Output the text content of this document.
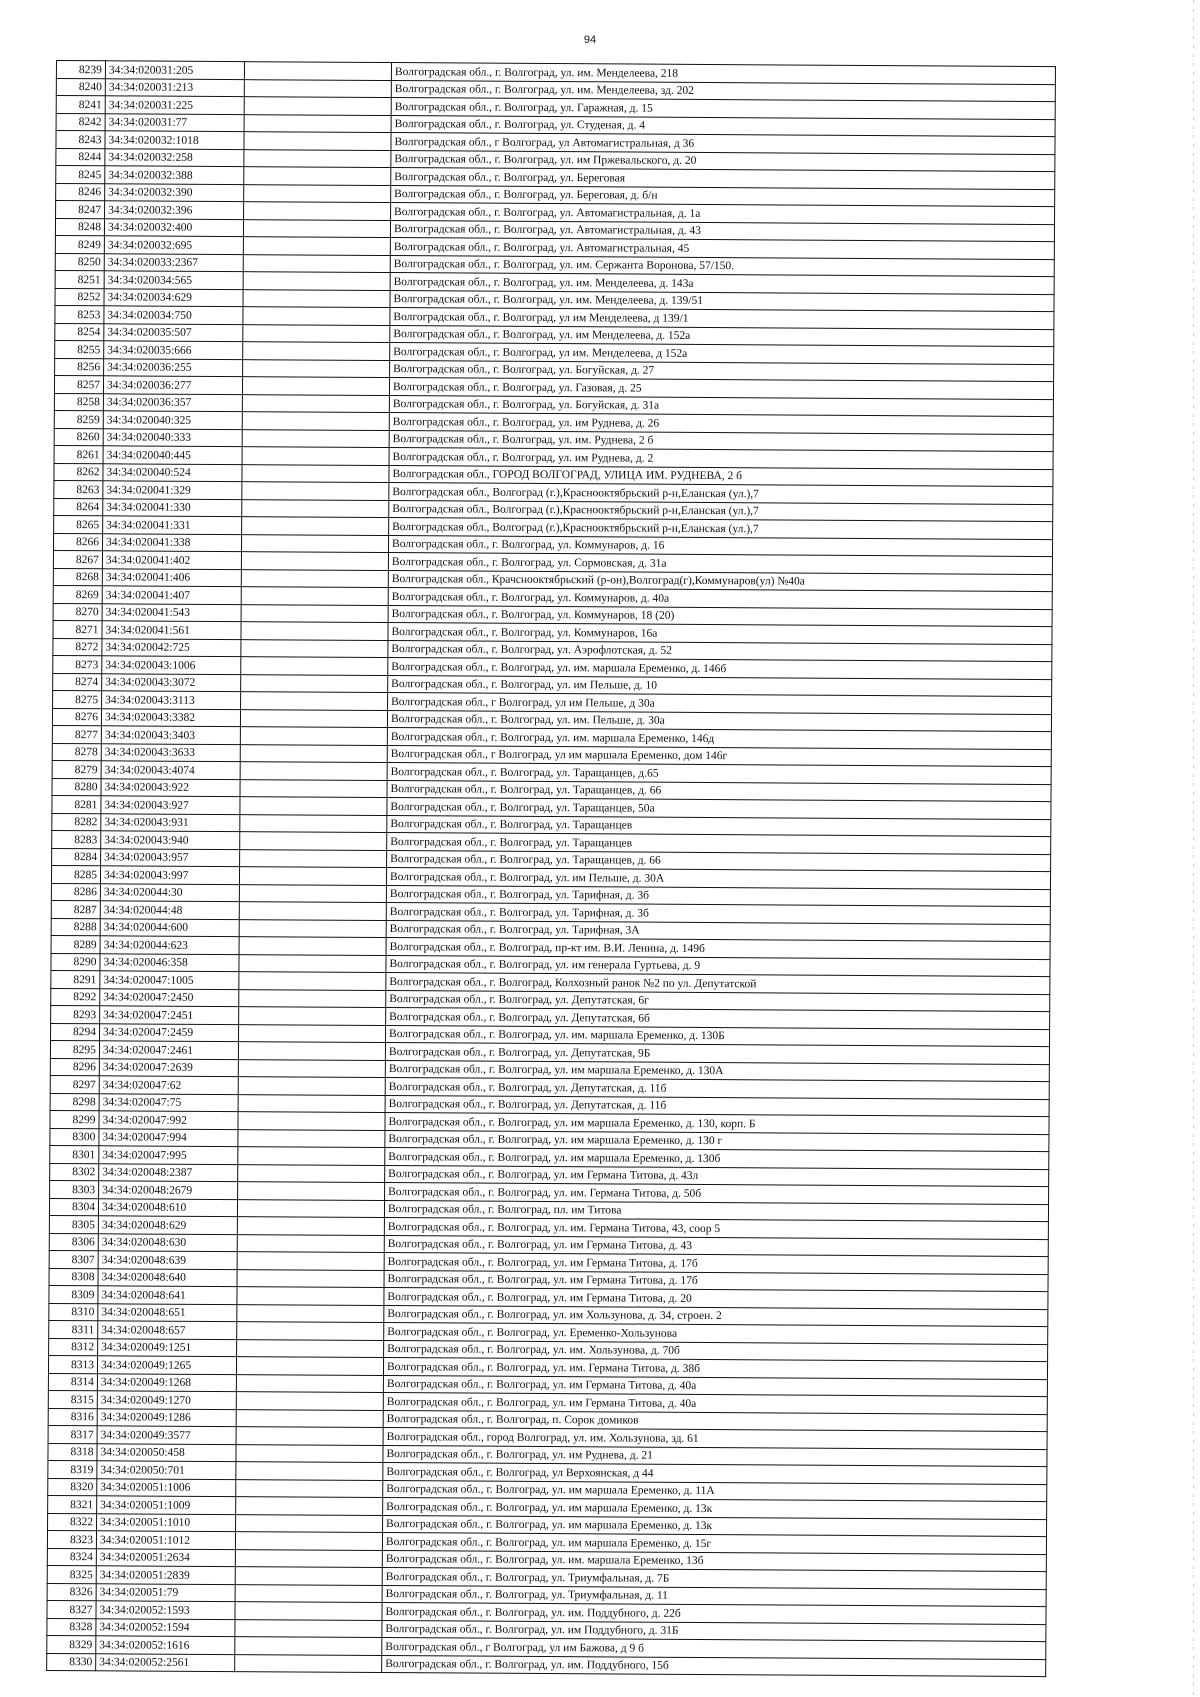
94
8239	34:34:020031:205		Волгоградская обл., г. Волгоград, ул. им. Менделеева, 218
8240	34:34:020031:213		Волгоградская обл., г. Волгоград, ул. им. Менделеева, зд. 202
8241	34:34:020031:225		Волгоградская обл., г. Волгоград, ул. Гаражная, д. 15
8242	34:34:020031:77		Волгоградская обл., г. Волгоград, ул. Студеная, д. 4
8243	34:34:020032:1018		Волгоградская обл., г Волгоград, ул Автомагистральная, д 36
8244	34:34:020032:258		Волгоградская обл., г. Волгоград, ул. им Пржевальского, д. 20
8245	34:34:020032:388		Волгоградская обл., г. Волгоград, ул. Береговая
8246	34:34:020032:390		Волгоградская обл., г. Волгоград, ул. Береговая, д. б/н
8247	34:34:020032:396		Волгоградская обл., г. Волгоград, ул. Автомагистральная, д. 1а
8248	34:34:020032:400		Волгоградская обл., г. Волгоград, ул. Автомагистральная, д. 43
8249	34:34:020032:695		Волгоградская обл., г. Волгоград, ул. Автомагистральная, 45
8250	34:34:020033:2367		Волгоградская обл., г. Волгоград, ул. им. Сержанта Воронова, 57/150.
8251	34:34:020034:565		Волгоградская обл., г. Волгоград, ул. им. Менделеева, д. 143а
8252	34:34:020034:629		Волгоградская обл., г. Волгоград, ул. им. Менделеева, д. 139/51
8253	34:34:020034:750		Волгоградская обл., г. Волгоград, ул им Менделеева, д 139/1
8254	34:34:020035:507		Волгоградская обл., г. Волгоград, ул. им Менделеева, д. 152а
8255	34:34:020035:666		Волгоградская обл., г. Волгоград, ул им. Менделеева, д 152а
8256	34:34:020036:255		Волгоградская обл., г. Волгоград, ул. Богуйская, д. 27
8257	34:34:020036:277		Волгоградская обл., г. Волгоград, ул. Газовая, д. 25
8258	34:34:020036:357		Волгоградская обл., г. Волгоград, ул. Богуйская, д. 31а
8259	34:34:020040:325		Волгоградская обл., г. Волгоград, ул. им Руднева, д. 26
8260	34:34:020040:333		Волгоградская обл., г. Волгоград, ул. им. Руднева, 2 б
8261	34:34:020040:445		Волгоградская обл., г. Волгоград, ул. им Руднева, д. 2
8262	34:34:020040:524		Волгоградская обл., ГОРОД ВОЛГОГРАД, УЛИЦА ИМ. РУДНЕВА, 2 б
8263	34:34:020041:329		Волгоградская обл., Волгоград (г.),Краснооктябрьский р-н,Еланская (ул.),7
8264	34:34:020041:330		Волгоградская обл., Волгоград (г.),Краснооктябрьский р-н,Еланская (ул.),7
8265	34:34:020041:331		Волгоградская обл., Волгоград (г.),Краснооктябрьский р-н,Еланская (ул.),7
8266	34:34:020041:338		Волгоградская обл., г. Волгоград, ул. Коммунаров, д. 16
8267	34:34:020041:402		Волгоградская обл., г. Волгоград, ул. Сормовская, д. 31а
8268	34:34:020041:406		Волгоградская обл., Крачснооктябрьский (р-он),Волгоград(г),Коммунаров(ул) №40а
8269	34:34:020041:407		Волгоградская обл., г. Волгоград, ул. Коммунаров, д. 40а
8270	34:34:020041:543		Волгоградская обл., г. Волгоград, ул. Коммунаров, 18 (20)
8271	34:34:020041:561		Волгоградская обл., г. Волгоград, ул. Коммунаров, 16а
8272	34:34:020042:725		Волгоградская обл., г. Волгоград, ул. Аэрофлотская, д. 52
8273	34:34:020043:1006		Волгоградская обл., г. Волгоград, ул. им. маршала Еременко, д. 146б
8274	34:34:020043:3072		Волгоградская обл., г. Волгоград, ул. им Пельше, д. 10
8275	34:34:020043:3113		Волгоградская обл., г Волгоград, ул им Пельше, д 30а
8276	34:34:020043:3382		Волгоградская обл., г. Волгоград, ул. им. Пельше, д. 30а
8277	34:34:020043:3403		Волгоградская обл., г. Волгоград, ул. им. маршала Еременко, 146д
8278	34:34:020043:3633		Волгоградская обл., г Волгоград, ул им маршала Еременко, дом 146г
8279	34:34:020043:4074		Волгоградская обл., г. Волгоград, ул. Таращанцев, д.65
8280	34:34:020043:922		Волгоградская обл., г. Волгоград, ул. Таращанцев, д. 66
8281	34:34:020043:927		Волгоградская обл., г. Волгоград, ул. Таращанцев, 50а
8282	34:34:020043:931		Волгоградская обл., г. Волгоград, ул. Таращанцев
8283	34:34:020043:940		Волгоградская обл., г. Волгоград, ул. Таращанцев
8284	34:34:020043:957		Волгоградская обл., г. Волгоград, ул. Таращанцев, д. 66
8285	34:34:020043:997		Волгоградская обл., г. Волгоград, ул. им Пельше, д. 30А
8286	34:34:020044:30		Волгоградская обл., г. Волгоград, ул. Тарифная, д. 3б
8287	34:34:020044:48		Волгоградская обл., г. Волгоград, ул. Тарифная, д. 3б
8288	34:34:020044:600		Волгоградская обл., г. Волгоград, ул. Тарифная, 3А
8289	34:34:020044:623		Волгоградская обл., г. Волгоград, пр-кт им. В.И. Ленина, д. 149б
8290	34:34:020046:358		Волгоградская обл., г. Волгоград, ул. им генерала Гуртьева, д. 9
8291	34:34:020047:1005		Волгоградская обл., г. Волгоград, Колхозный ранок №2 по ул. Депутатской
8292	34:34:020047:2450		Волгоградская обл., г. Волгоград, ул. Депутатская, 6г
8293	34:34:020047:2451		Волгоградская обл., г. Волгоград, ул. Депутатская, 6б
8294	34:34:020047:2459		Волгоградская обл., г. Волгоград, ул. им. маршала Еременко, д. 130Б
8295	34:34:020047:2461		Волгоградская обл., г. Волгоград, ул. Депутатская, 9Б
8296	34:34:020047:2639		Волгоградская обл., г. Волгоград, ул. им маршала Еременко, д. 130А
8297	34:34:020047:62		Волгоградская обл., г. Волгоград, ул. Депутатская, д. 11б
8298	34:34:020047:75		Волгоградская обл., г. Волгоград, ул. Депутатская, д. 11б
8299	34:34:020047:992		Волгоградская обл., г. Волгоград, ул. им маршала Еременко, д. 130, корп. Б
8300	34:34:020047:994		Волгоградская обл., г. Волгоград, ул. им маршала Еременко, д. 130 г
8301	34:34:020047:995		Волгоградская обл., г. Волгоград, ул. им маршала Еременко, д. 130б
8302	34:34:020048:2387		Волгоградская обл., г. Волгоград, ул. им Германа Титова, д. 43л
8303	34:34:020048:2679		Волгоградская обл., г. Волгоград, ул. им. Германа Титова, д. 50б
8304	34:34:020048:610		Волгоградская обл., г. Волгоград, пл. им Титова
8305	34:34:020048:629		Волгоградская обл., г. Волгоград, ул. им. Германа Титова, 43, соор 5
8306	34:34:020048:630		Волгоградская обл., г. Волгоград, ул. им Германа Титова, д. 43
8307	34:34:020048:639		Волгоградская обл., г. Волгоград, ул. им Германа Титова, д. 17б
8308	34:34:020048:640		Волгоградская обл., г. Волгоград, ул. им Германа Титова, д. 17б
8309	34:34:020048:641		Волгоградская обл., г. Волгоград, ул. им Германа Титова, д. 20
8310	34:34:020048:651		Волгоградская обл., г. Волгоград, ул. им Хользунова, д. 34, строен. 2
8311	34:34:020048:657		Волгоградская обл., г. Волгоград, ул. Еременко-Хользунова
8312	34:34:020049:1251		Волгоградская обл., г. Волгоград, ул. им. Хользунова, д. 70б
8313	34:34:020049:1265		Волгоградская обл., г. Волгоград, ул. им. Германа Титова, д. 38б
8314	34:34:020049:1268		Волгоградская обл., г. Волгоград, ул. им Германа Титова, д. 40а
8315	34:34:020049:1270		Волгоградская обл., г. Волгоград, ул. им Германа Титова, д. 40а
8316	34:34:020049:1286		Волгоградская обл., г. Волгоград, п. Сорок домиков
8317	34:34:020049:3577		Волгоградская обл., город Волгоград, ул. им. Хользунова, зд. 61
8318	34:34:020050:458		Волгоградская обл., г. Волгоград, ул. им Руднева, д. 21
8319	34:34:020050:701		Волгоградская обл., г. Волгоград, ул Верхоянская, д 44
8320	34:34:020051:1006		Волгоградская обл., г. Волгоград, ул. им маршала Еременко, д. 11А
8321	34:34:020051:1009		Волгоградская обл., г. Волгоград, ул. им маршала Еременко, д. 13к
8322	34:34:020051:1010		Волгоградская обл., г. Волгоград, ул. им маршала Еременко, д. 13к
8323	34:34:020051:1012		Волгоградская обл., г. Волгоград, ул. им маршала Еременко, д. 15г
8324	34:34:020051:2634		Волгоградская обл., г. Волгоград, ул. им. маршала Еременко, 13б
8325	34:34:020051:2839		Волгоградская обл., г. Волгоград, ул. Триумфальная, д. 7Б
8326	34:34:020051:79		Волгоградская обл., г. Волгоград, ул. Триумфальная, д. 11
8327	34:34:020052:1593		Волгоградская обл., г. Волгоград, ул. им. Поддубного, д. 22б
8328	34:34:020052:1594		Волгоградская обл., г. Волгоград, ул. им Поддубного, д. 31Б
8329	34:34:020052:1616		Волгоградская обл., г Волгоград, ул им Бажова, д 9 б
8330	34:34:020052:2561		Волгоградская обл., г. Волгоград, ул. им. Поддубного, 15б
